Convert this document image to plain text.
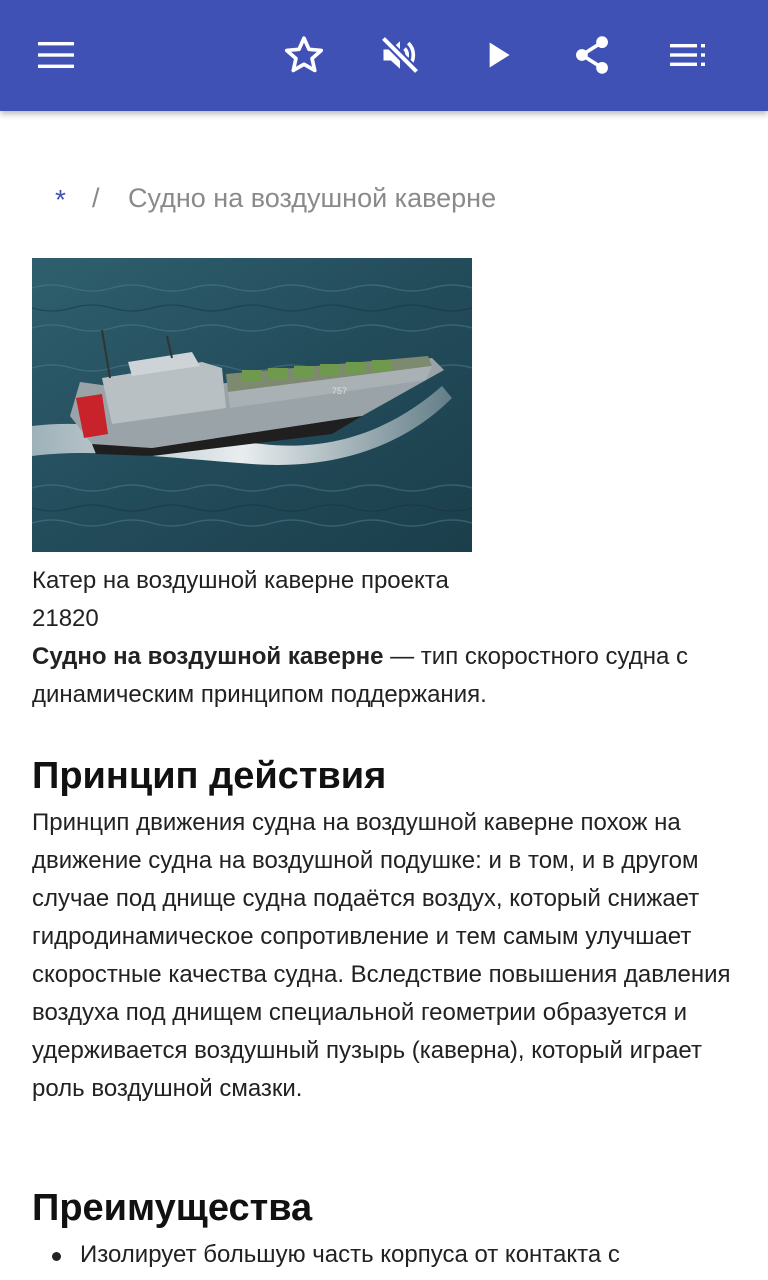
* / Судно на воздушной каверне
757
Катер на воздушной каверне проекта 21820
Судно на воздушной каверне — тип скоростного судна с динамическим принципом поддержания.
Принцип действия
Принцип движения судна на воздушной каверне похож на движение судна на воздушной подушке: и в том, и в другом случае под днище судна подаётся воздух, который снижает гидродинамическое сопротивление и тем самым улучшает скоростные качества судна. Вследствие повышения давления воздуха под днищем специальной геометрии образуется и удерживается воздушный пузырь (каверна), который играет роль воздушной смазки.
Преимущества
Изолирует большую часть корпуса от контакта с
